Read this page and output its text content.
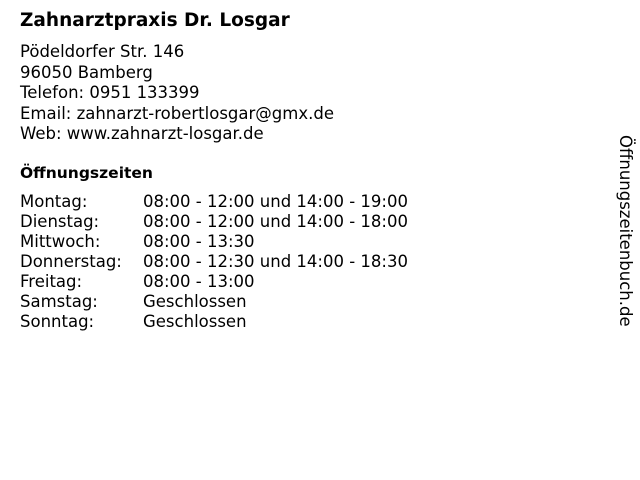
Zahnarztpraxis Dr. Losgar
Pödeldorfer Str. 146
96050 Bamberg
Telefon: 0951 133399
Email: zahnarzt-robertlosgar@gmx.de
Web: www.zahnarzt-losgar.de
Öffnungszeiten
Montag:	08:00 - 12:00 und 14:00 - 19:00
Dienstag:	08:00 - 12:00 und 14:00 - 18:00
Mittwoch:	08:00 - 13:30
Donnerstag:	08:00 - 12:30 und 14:00 - 18:30
Freitag:	08:00 - 13:00
Samstag:	Geschlossen
Sonntag:	Geschlossen	Öffnungszeitenbuch.de
